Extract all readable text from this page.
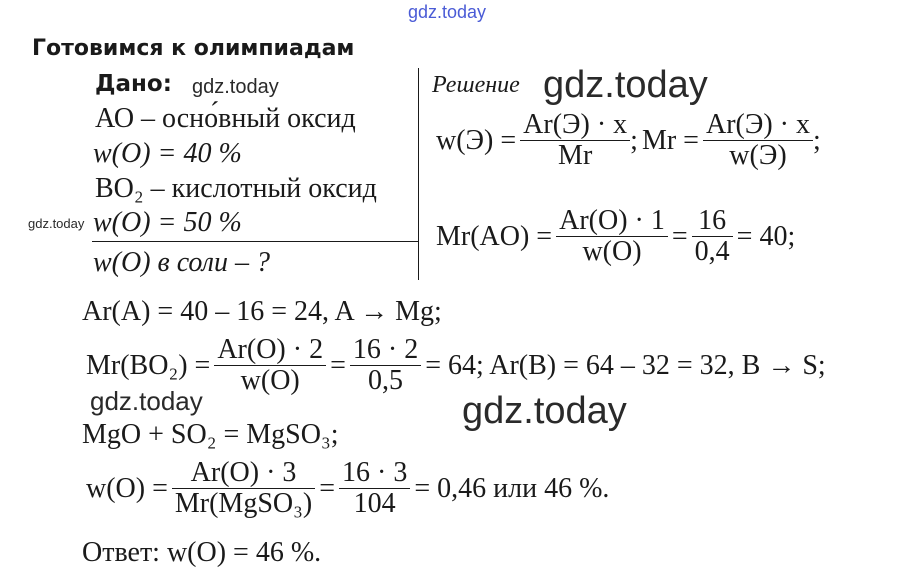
gdz.today
gdz.today
gdz.today
gdz.today
gdz.today	gdz.today
Готовимся к олимпиадам
Дано:
АО – осно́вный оксид
w(O) = 40 %
ВО₂ – кислотный оксид
w(O) = 50 %
w(O) в соли – ?
Решение
$w(Э) = \frac{Ar(Э) \cdot x}{Mr}$ ; $Mr = \frac{Ar(Э) \cdot x}{w(Э)}$ ;
$Mr(AO) = \frac{Ar(O) \cdot 1}{w(O)} = \frac{16}{0,4} = 40$;
Ar(A) = 40 – 16 = 24, A → Mg;
$Mr(BO_2) = \frac{Ar(O) \cdot 2}{w(O)} = \frac{16 \cdot 2}{0,5} = 64$; Ar(B) = 64 – 32 = 32, B → S;
MgO + SO₂ = MgSO₃;
$w(O) = \frac{Ar(O) \cdot 3}{\text{Mr(MgSO₃)}} = \frac{16 \cdot 3}{104} = 0,46$ или 46 %.
Ответ: w(O) = 46 %.
